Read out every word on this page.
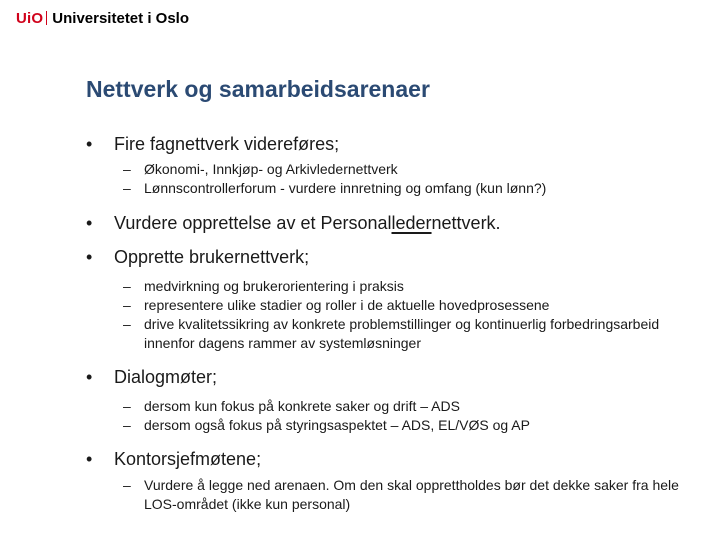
UiO Universitetet i Oslo
Nettverk og samarbeidsarenaer
• Fire fagnettverk videreføres;
– Økonomi-, Innkjøp- og Arkivledernettverk
– Lønnscontrollerforum - vurdere innretning og omfang (kun lønn?)
• Vurdere opprettelse av et Personalledernettverk.
• Opprette brukernettverk;
– medvirkning og brukerorientering i praksis
– representere ulike stadier og roller i de aktuelle hovedprosessene
– drive kvalitetssikring av konkrete problemstillinger og kontinuerlig forbedringsarbeid innenfor dagens rammer av systemløsninger
• Dialogmøter;
– dersom kun fokus på konkrete saker og drift – ADS
– dersom også fokus på styringsaspektet – ADS, EL/VØS og AP
• Kontorsjefmøtene;
– Vurdere å legge ned arenaen. Om den skal opprettholdes bør det dekke saker fra hele LOS-området (ikke kun personal)
